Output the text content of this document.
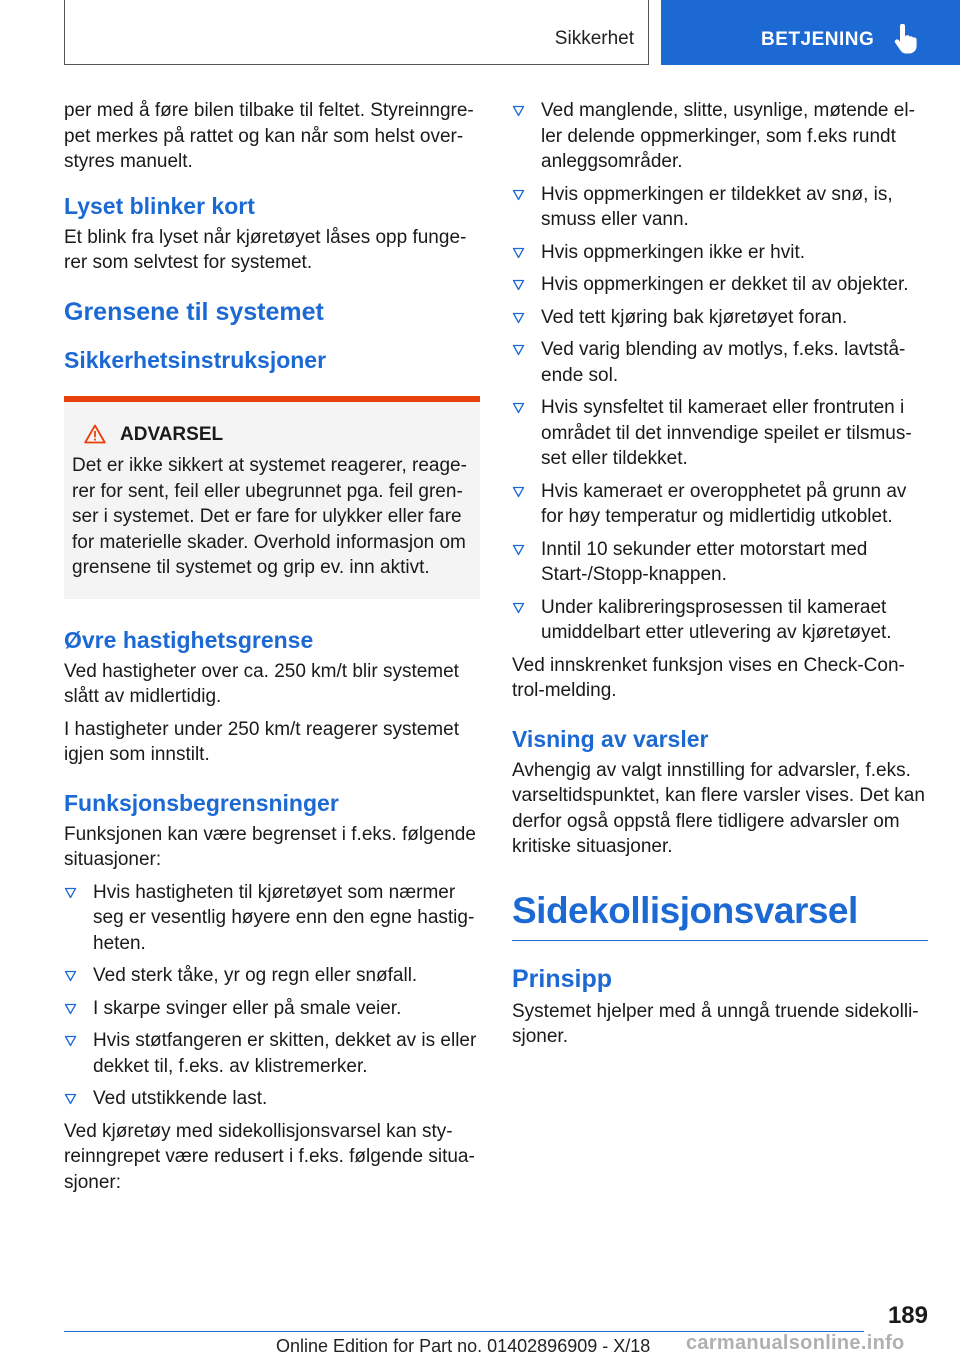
Sikkerhet	BETJENING

per med å føre bilen tilbake til feltet. Styreinngrepet merkes på rattet og kan når som helst overstyres manuelt.

Lyset blinker kort

Et blink fra lyset når kjøretøyet låses opp fungerer som selvtest for systemet.

Grensene til systemet
Sikkerhetsinstruksjoner
ADVARSEL
Det er ikke sikkert at systemet reagerer, reagerer for sent, feil eller ubegrunnet pga. feil grenser i systemet. Det er fare for ulykker eller fare for materielle skader. Overhold informasjon om grensene til systemet og grip ev. inn aktivt.
Øvre hastighetsgrense

Ved hastigheter over ca. 250 km/t blir systemet slått av midlertidig.

I hastigheter under 250 km/t reagerer systemet igjen som innstilt.

Funksjonsbegrensninger

Funksjonen kan være begrenset i f.eks. følgende situasjoner:

Hvis hastigheten til kjøretøyet som nærmer seg er vesentlig høyere enn den egne hastigheten.
Ved sterk tåke, yr og regn eller snøfall.
I skarpe svinger eller på smale veier.
Hvis støtfangeren er skitten, dekket av is eller dekket til, f.eks. av klistremerker.
Ved utstikkende last.

Ved kjøretøy med sidekollisjonsvarsel kan styreinngrepet være redusert i f.eks. følgende situasjoner:

Ved manglende, slitte, usynlige, møtende eller delende oppmerkinger, som f.eks rundt anleggsområder.
Hvis oppmerkingen er tildekket av snø, is, smuss eller vann.
Hvis oppmerkingen ikke er hvit.
Hvis oppmerkingen er dekket til av objekter.
Ved tett kjøring bak kjøretøyet foran.
Ved varig blending av motlys, f.eks. lavtstående sol.
Hvis synsfeltet til kameraet eller frontruten i området til det innvendige speilet er tilsmusset eller tildekket.
Hvis kameraet er overopphetet på grunn av for høy temperatur og midlertidig utkoblet.
Inntil 10 sekunder etter motorstart med Start-/Stopp-knappen.
Under kalibreringsprosessen til kameraet umiddelbart etter utlevering av kjøretøyet.

Ved innskrenket funksjon vises en Check-Control-melding.

Visning av varsler

Avhengig av valgt innstilling for advarsler, f.eks. varseltidspunktet, kan flere varsler vises. Det kan derfor også oppstå flere tidligere advarsler om kritiske situasjoner.

Sidekollisjonsvarsel
Prinsipp

Systemet hjelper med å unngå truende sidekollisjoner.

189
Online Edition for Part no. 01402896909 - X/18 carmanualsonline.info
